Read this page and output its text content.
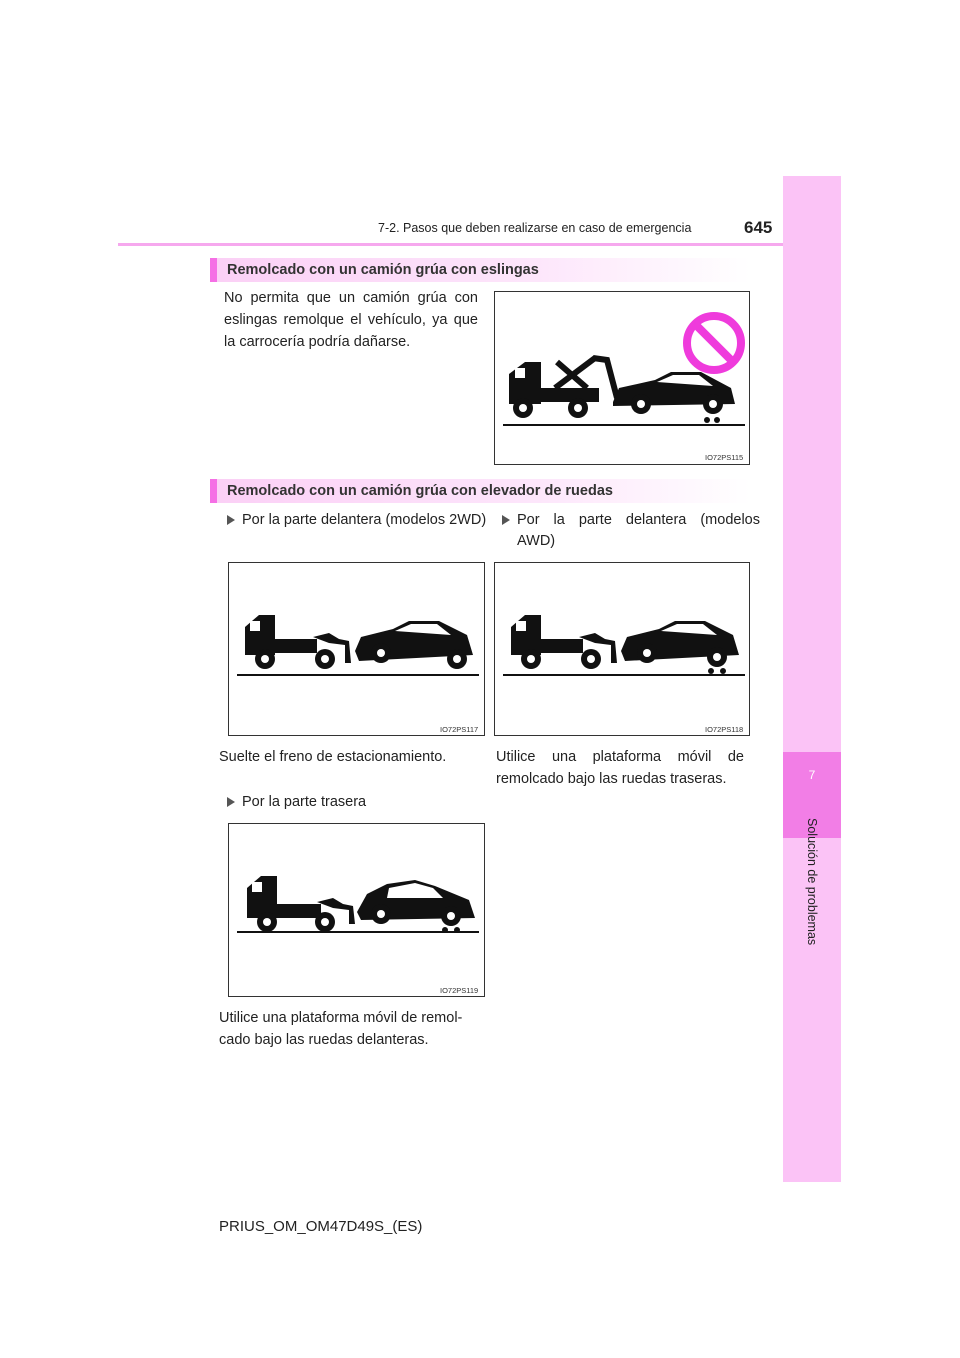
7
Solución de problemas
7-2. Pasos que deben realizarse en caso de emergencia	645
Remolcado con un camión grúa con eslingas
No permita que un camión grúa con eslingas remolque el vehículo, ya que la carrocería podría dañarse.
IO72PS115
Remolcado con un camión grúa con elevador de ruedas
Por la parte delantera (modelos 2WD)	Por la parte delantera (modelos AWD)
IO72PS117	IO72PS118
Suelte el freno de estacionamiento.	Utilice una plataforma móvil de remolcado bajo las ruedas traseras.
Por la parte trasera
IO72PS119
Utilice una plataforma móvil de remol-cado bajo las ruedas delanteras.
PRIUS_OM_OM47D49S_(ES)
